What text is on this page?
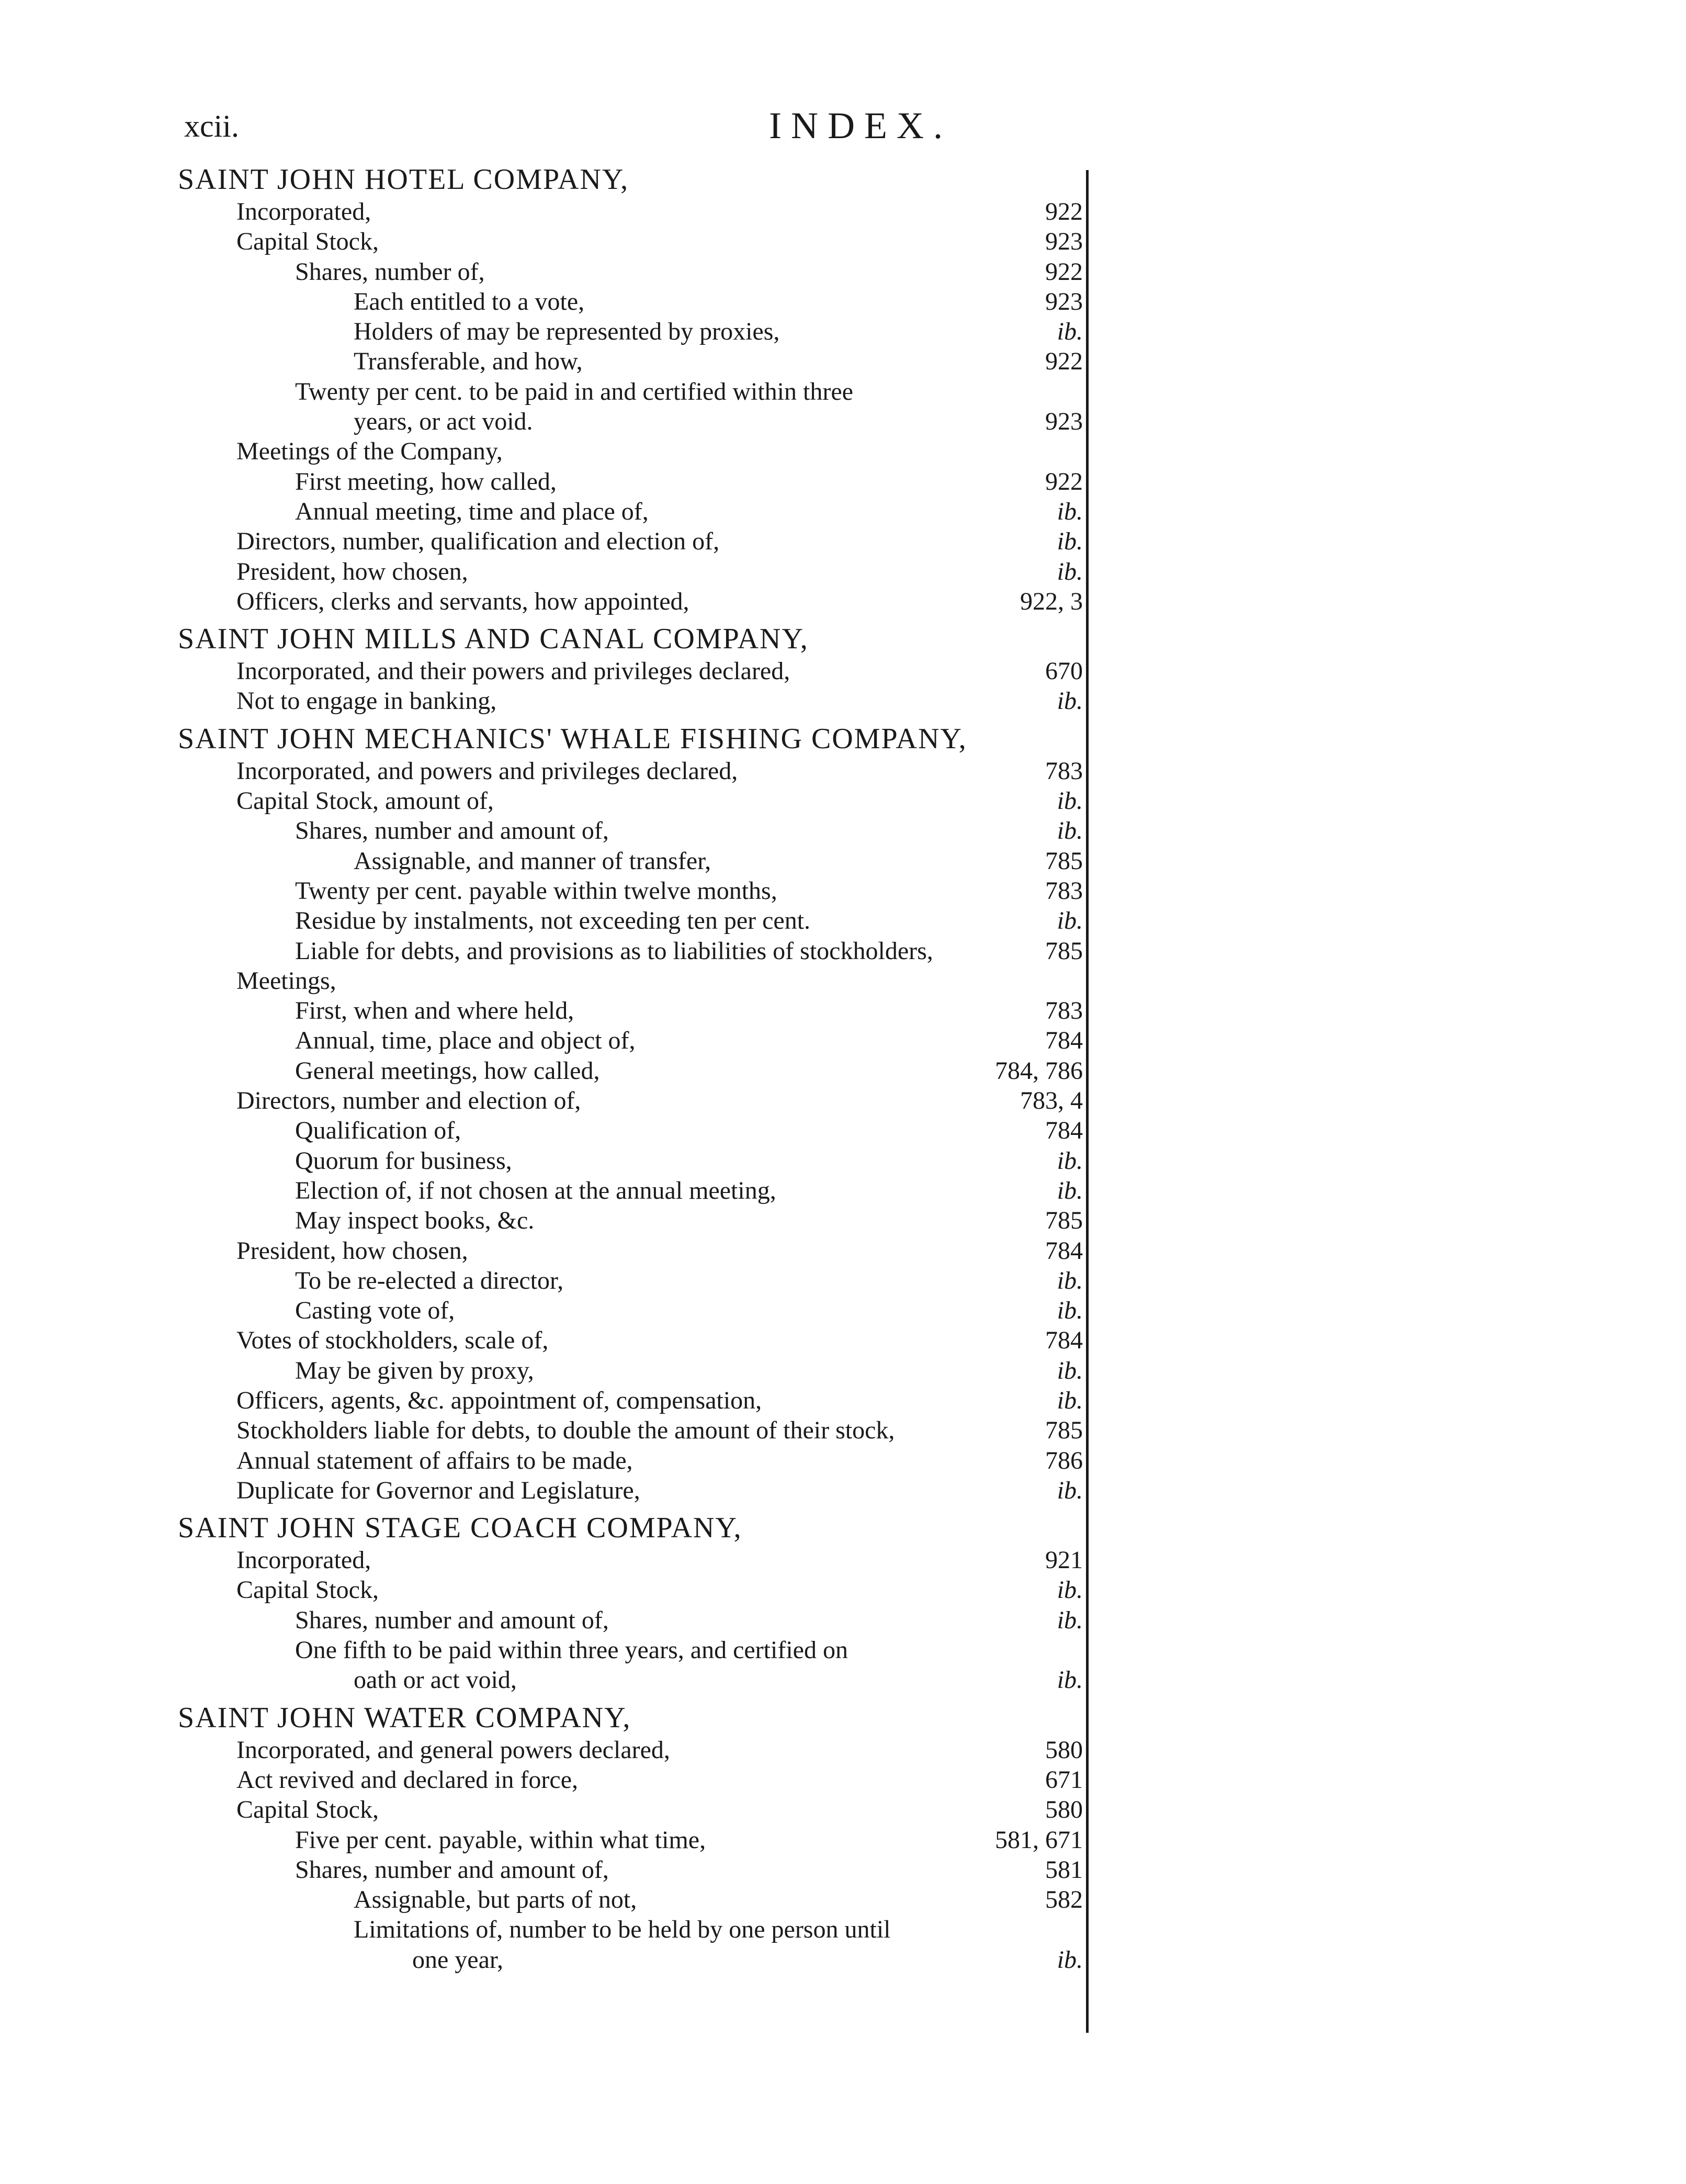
xcii.	INDEX.
SAINT JOHN HOTEL COMPANY,
Incorporated,	922
Capital Stock,	923
Shares, number of,	922
Each entitled to a vote,	923
Holders of may be represented by proxies,	ib.
Transferable, and how,	922
Twenty per cent. to be paid in and certified within three
years, or act void.	923
Meetings of the Company,
First meeting, how called,	922
Annual meeting, time and place of,	ib.
Directors, number, qualification and election of,	ib.
President, how chosen,	ib.
Officers, clerks and servants, how appointed,	922, 3
SAINT JOHN MILLS AND CANAL COMPANY,
Incorporated, and their powers and privileges declared,	670
Not to engage in banking,	ib.
SAINT JOHN MECHANICS' WHALE FISHING COMPANY,
Incorporated, and powers and privileges declared,	783
Capital Stock, amount of,	ib.
Shares, number and amount of,	ib.
Assignable, and manner of transfer,	785
Twenty per cent. payable within twelve months,	783
Residue by instalments, not exceeding ten per cent.	ib.
Liable for debts, and provisions as to liabilities of stockholders,	785
Meetings,
First, when and where held,	783
Annual, time, place and object of,	784
General meetings, how called,	784, 786
Directors, number and election of,	783, 4
Qualification of,	784
Quorum for business,	ib.
Election of, if not chosen at the annual meeting,	ib.
May inspect books, &c.	785
President, how chosen,	784
To be re-elected a director,	ib.
Casting vote of,	ib.
Votes of stockholders, scale of,	784
May be given by proxy,	ib.
Officers, agents, &c. appointment of, compensation,	ib.
Stockholders liable for debts, to double the amount of their stock,	785
Annual statement of affairs to be made,	786
Duplicate for Governor and Legislature,	ib.
SAINT JOHN STAGE COACH COMPANY,
Incorporated,	921
Capital Stock,	ib.
Shares, number and amount of,	ib.
One fifth to be paid within three years, and certified on
oath or act void,	ib.
SAINT JOHN WATER COMPANY,
Incorporated, and general powers declared,	580
Act revived and declared in force,	671
Capital Stock,	580
Five per cent. payable, within what time,	581, 671
Shares, number and amount of,	581
Assignable, but parts of not,	582
Limitations of, number to be held by one person until
one year,	ib.
